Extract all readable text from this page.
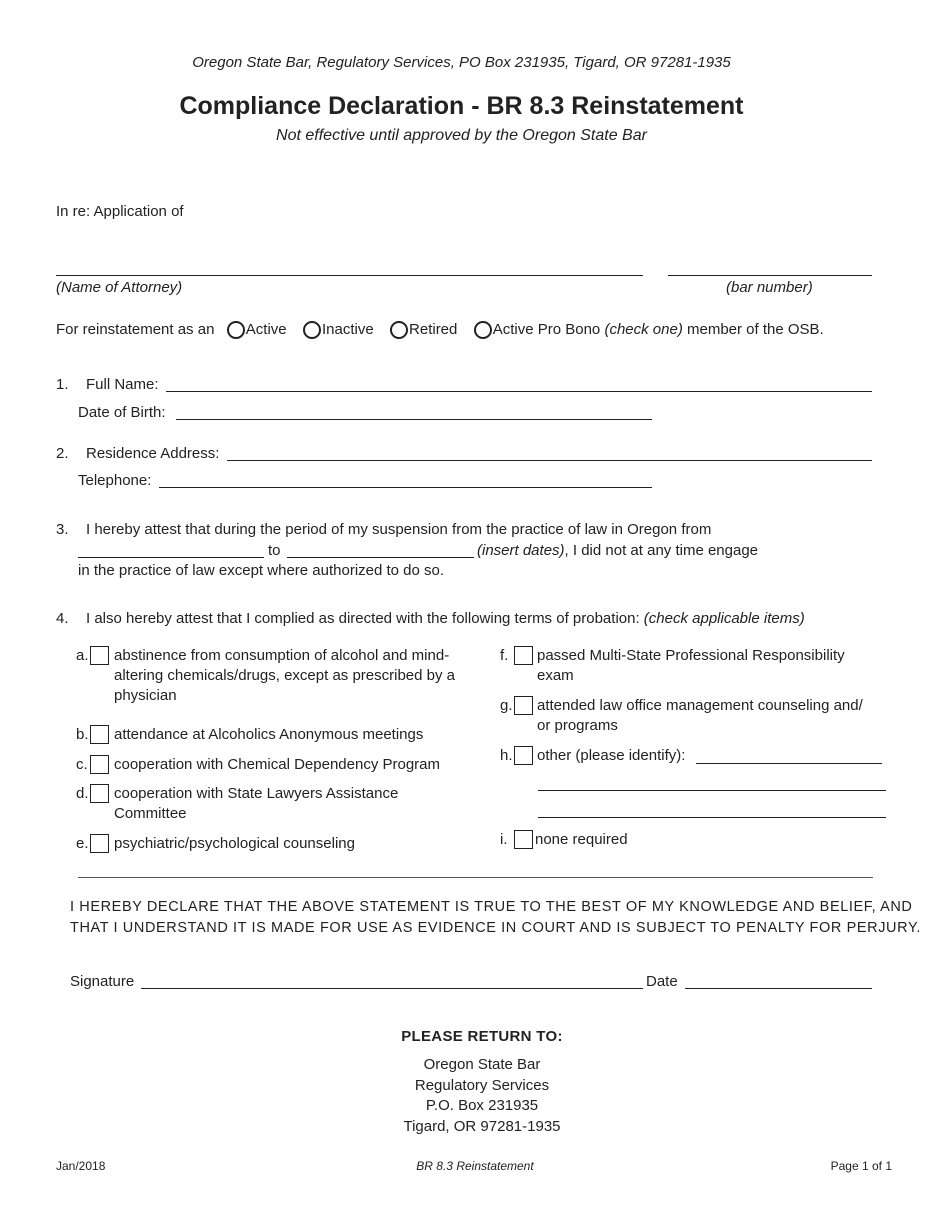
Oregon State Bar, Regulatory Services, PO Box 231935, Tigard, OR 97281-1935
Compliance Declaration - BR 8.3 Reinstatement
Not effective until approved by the Oregon State Bar
In re: Application of
(Name of Attorney)	(bar number)
For reinstatement as an Active Inactive Retired Active Pro Bono (check one) member of the OSB.
1. Full Name:
Date of Birth:
2. Residence Address:
Telephone:
3. I hereby attest that during the period of my suspension from the practice of law in Oregon from
to	(insert dates), I did not at any time engage
in the practice of law except where authorized to do so.
4. I also hereby attest that I complied as directed with the following terms of probation: (check applicable items)
a. abstinence from consumption of alcohol and mind-
altering chemicals/drugs, except as prescribed by a
physician
b. attendance at Alcoholics Anonymous meetings
c. cooperation with Chemical Dependency Program
d. cooperation with State Lawyers Assistance
Committee
e. psychiatric/psychological counseling
f. passed Multi-State Professional Responsibility
exam
g. attended law office management counseling and/
or programs
h. other (please identify):
i. none required
I HEREBY DECLARE THAT THE ABOVE STATEMENT IS TRUE TO THE BEST OF MY KNOWLEDGE AND BELIEF, AND
THAT I UNDERSTAND IT IS MADE FOR USE AS EVIDENCE IN COURT AND IS SUBJECT TO PENALTY FOR PERJURY.
Signature	Date
PLEASE RETURN TO:
Oregon State Bar
Regulatory Services
P.O. Box 231935
Tigard, OR 97281-1935
Jan/2018	BR 8.3 Reinstatement	Page 1 of 1
